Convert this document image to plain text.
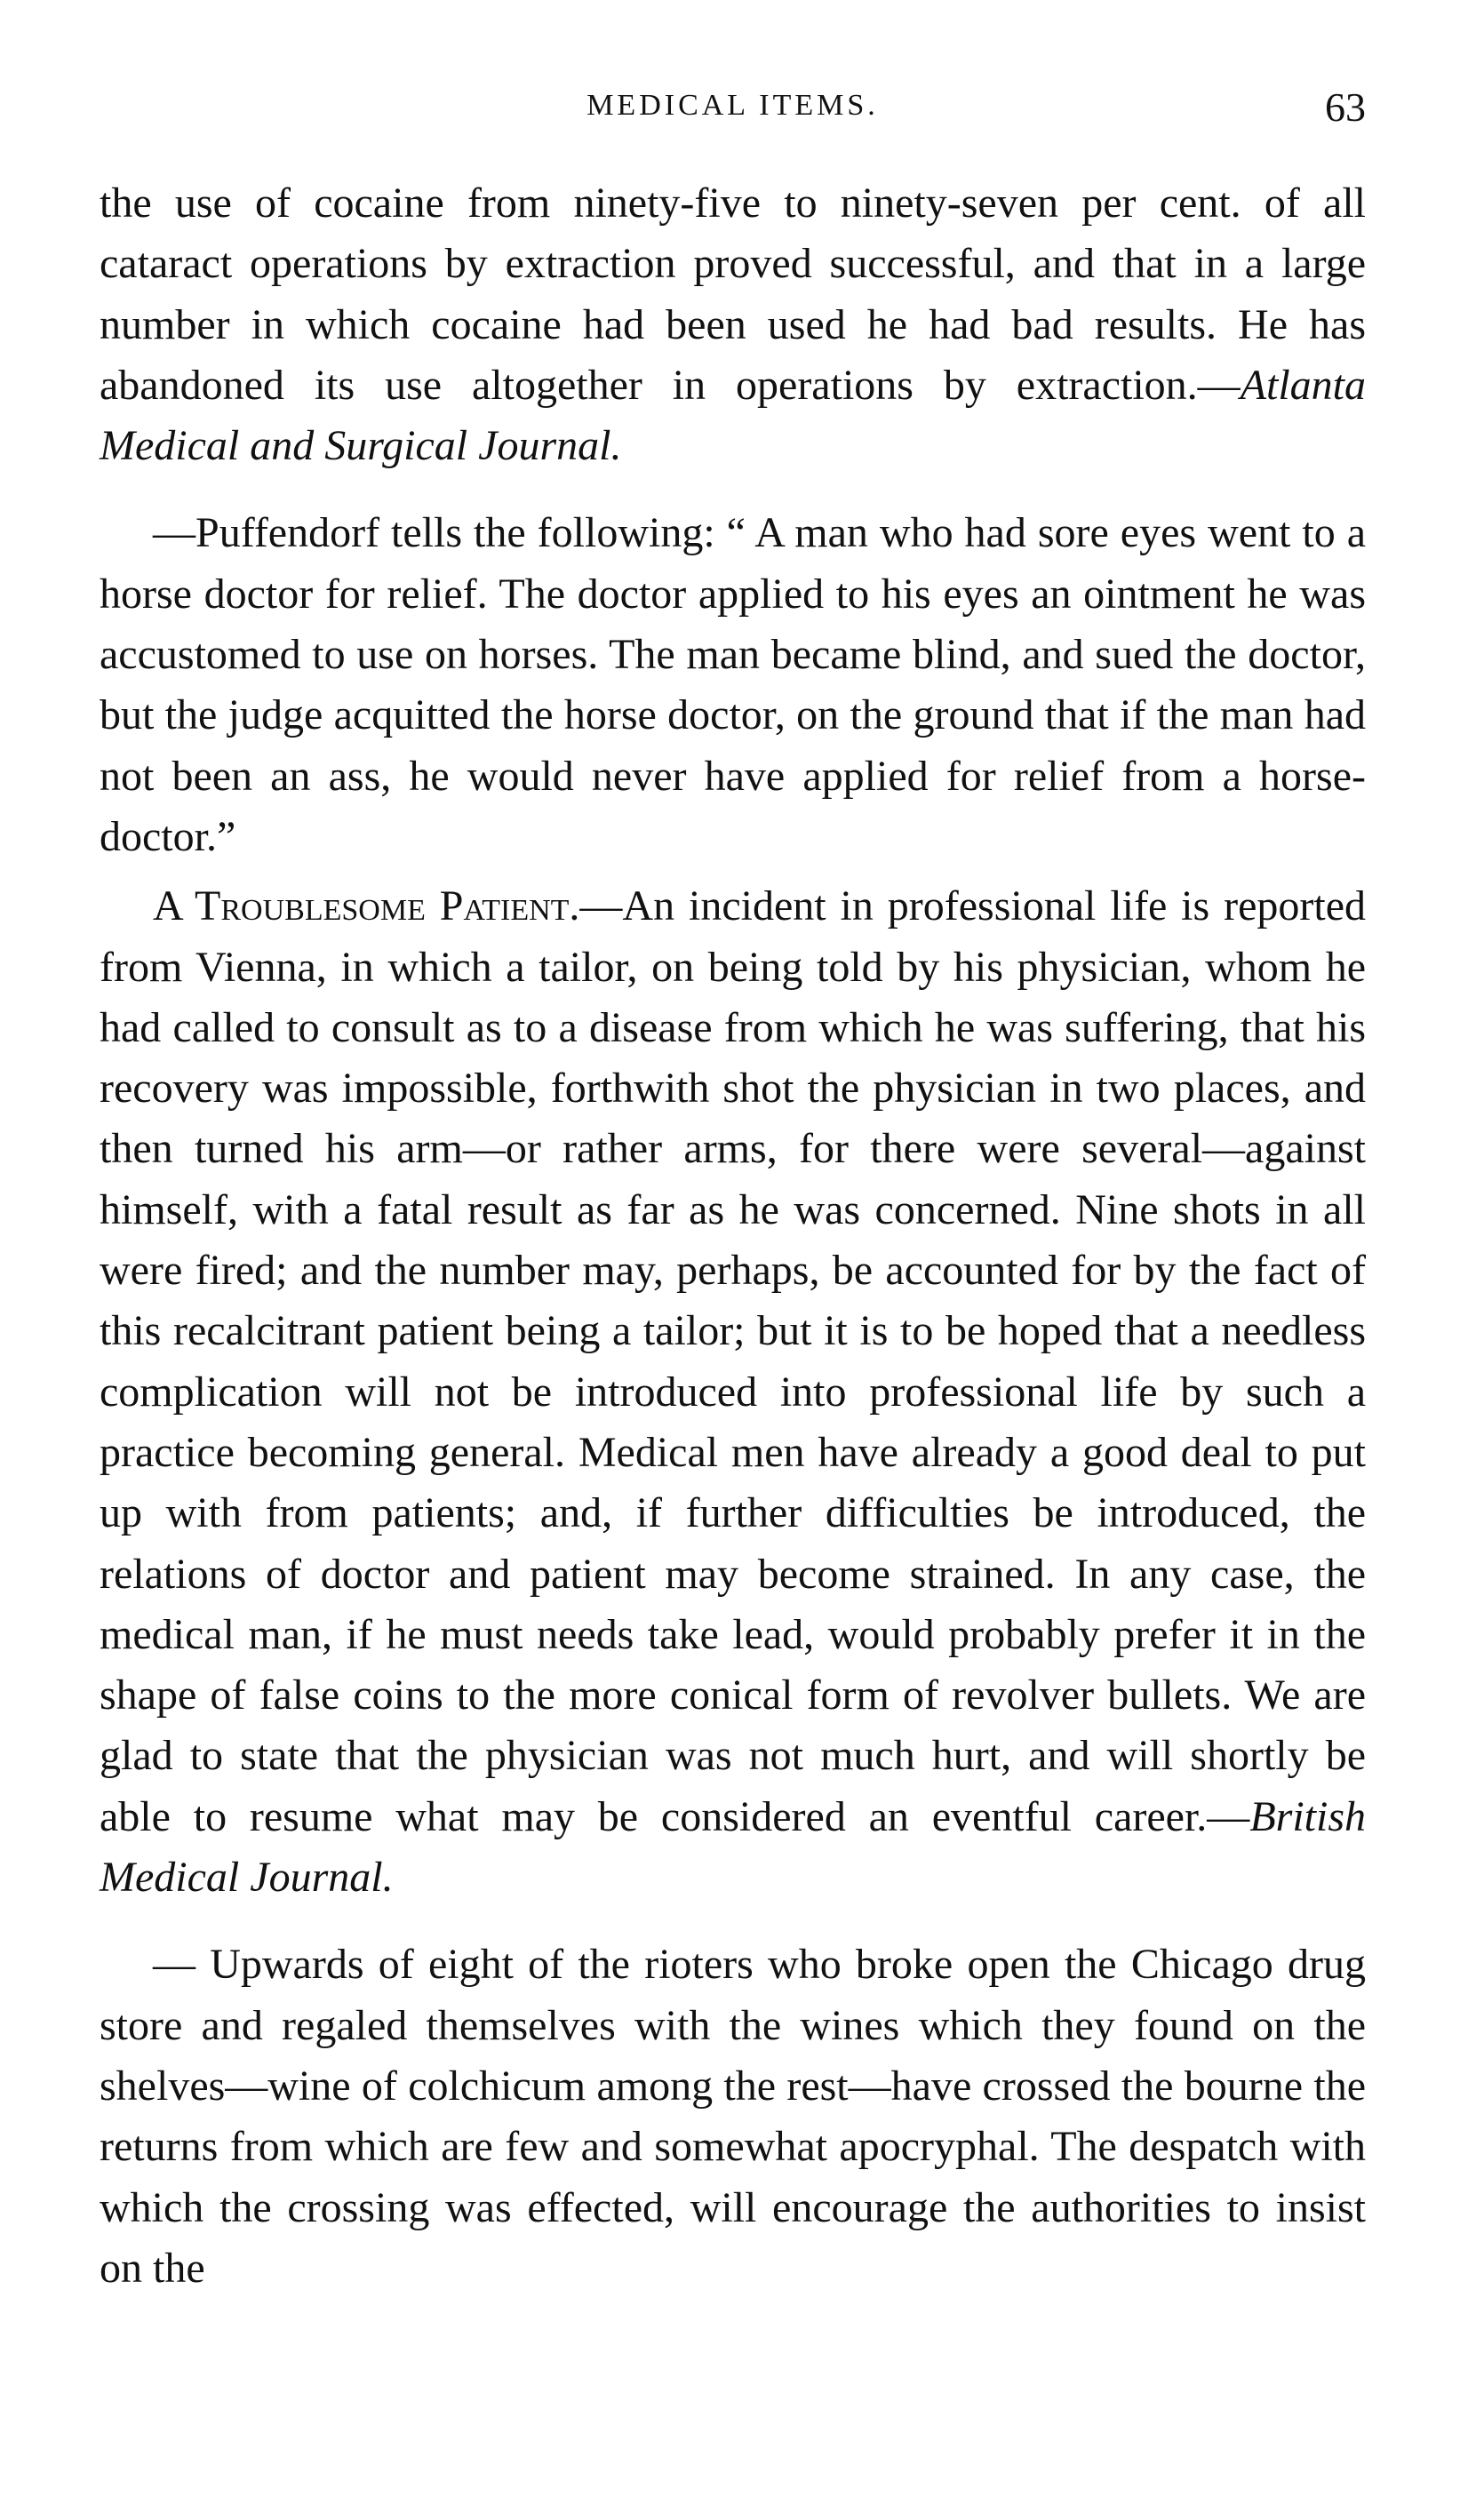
MEDICAL ITEMS.	63

the use of cocaine from ninety-five to ninety-seven per cent. of all cataract operations by extraction proved successful, and that in a large number in which cocaine had been used he had bad results. He has abandoned its use altogether in operations by extraction.—Atlanta Medical and Surgical Journal.

—Puffendorf tells the following: “ A man who had sore eyes went to a horse doctor for relief. The doctor applied to his eyes an ointment he was accustomed to use on horses. The man became blind, and sued the doctor, but the judge acquitted the horse doctor, on the ground that if the man had not been an ass, he would never have applied for relief from a horse-doctor.”

A Troublesome Patient.—An incident in professional life is reported from Vienna, in which a tailor, on being told by his physician, whom he had called to consult as to a disease from which he was suffering, that his recovery was impossible, forthwith shot the physician in two places, and then turned his arm—or rather arms, for there were several—against himself, with a fatal result as far as he was concerned. Nine shots in all were fired; and the number may, perhaps, be accounted for by the fact of this recalcitrant patient being a tailor; but it is to be hoped that a needless complication will not be introduced into professional life by such a practice becoming general. Medical men have already a good deal to put up with from patients; and, if further difficulties be introduced, the relations of doctor and patient may become strained. In any case, the medical man, if he must needs take lead, would probably prefer it in the shape of false coins to the more conical form of revolver bullets. We are glad to state that the physician was not much hurt, and will shortly be able to resume what may be considered an eventful career.—British Medical Journal.

— Upwards of eight of the rioters who broke open the Chicago drug store and regaled themselves with the wines which they found on the shelves—wine of colchicum among the rest—have crossed the bourne the returns from which are few and somewhat apocryphal. The despatch with which the crossing was effected, will encourage the authorities to insist on the
